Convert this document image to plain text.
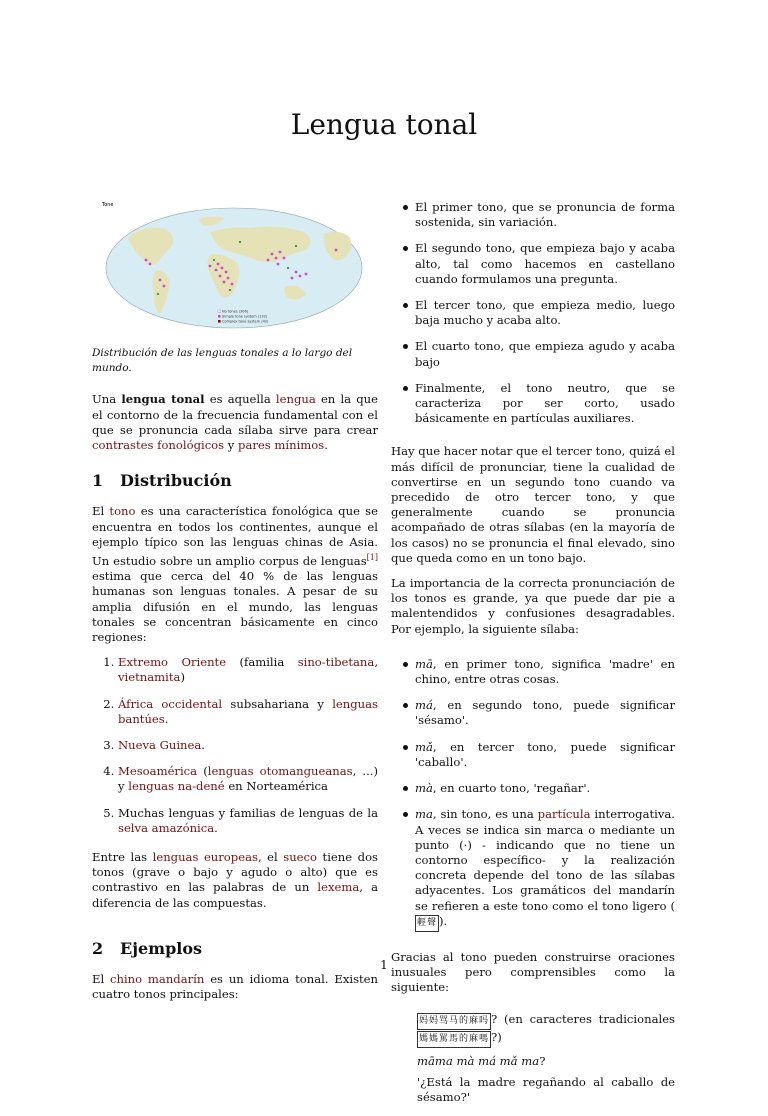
Lengua tonal
Tone
No tones (306)
Simple tone system (132)
Complex tone system (42)
Distribución de las lenguas tonales a lo largo del mundo.

Una lengua tonal es aquella lengua en la que el contorno de la frecuencia fundamental con el que se pronuncia cada sílaba sirve para crear contrastes fonológicos y pares mínimos.

1 Distribución

El tono es una característica fonológica que se encuentra en todos los continentes, aunque el ejemplo típico son las lenguas chinas de Asia. Un estudio sobre un amplio corpus de lenguas[1] estima que cerca del 40 % de las lenguas humanas son lenguas tonales. A pesar de su amplia difusión en el mundo, las lenguas tonales se concentran básicamente en cinco regiones:

1. Extremo Oriente (familia sino-tibetana, vietnamita)
2. África occidental subsahariana y lenguas bantúes.
3. Nueva Guinea.
4. Mesoamérica (lenguas otomangueanas, ...) y lenguas na-dené en Norteamérica
5. Muchas lenguas y familias de lenguas de la selva amazónica.

Entre las lenguas europeas, el sueco tiene dos tonos (grave o bajo y agudo o alto) que es contrastivo en las palabras de un lexema, a diferencia de las compuestas.

2 Ejemplos

El chino mandarín es un idioma tonal. Existen cuatro tonos principales:

El primer tono, que se pronuncia de forma sostenida, sin variación.
El segundo tono, que empieza bajo y acaba alto, tal como hacemos en castellano cuando formulamos una pregunta.
El tercer tono, que empieza medio, luego baja mucho y acaba alto.
El cuarto tono, que empieza agudo y acaba bajo
Finalmente, el tono neutro, que se caracteriza por ser corto, usado básicamente en partículas auxiliares.

Hay que hacer notar que el tercer tono, quizá el más difícil de pronunciar, tiene la cualidad de convertirse en un segundo tono cuando va precedido de otro tercer tono, y que generalmente cuando se pronuncia acompañado de otras sílabas (en la mayoría de los casos) no se pronuncia el final elevado, sino que queda como en un tono bajo.

La importancia de la correcta pronunciación de los tonos es grande, ya que puede dar pie a malentendidos y confusiones desagradables. Por ejemplo, la siguiente sílaba:

mā, en primer tono, significa 'madre' en chino, entre otras cosas.
má, en segundo tono, puede significar 'sésamo'.
mǎ, en tercer tono, puede significar 'caballo'.
mà, en cuarto tono, 'regañar'.
ma, sin tono, es una partícula interrogativa. A veces se indica sin marca o mediante un punto (·) - indicando que no tiene un contorno específico- y la realización concreta depende del tono de las sílabas adyacentes. Los gramáticos del mandarín se refieren a este tono como el tono ligero (輕聲 ).

Gracias al tono pueden construirse oraciones inusuales pero comprensibles como la siguiente:

妈妈骂马的麻吗 ? (en caracteres tradicionales 媽媽罵馬的麻嗎 ?)

māma mà má mǎ ma?

'¿Está la madre regañando al caballo de sésamo?'

1
